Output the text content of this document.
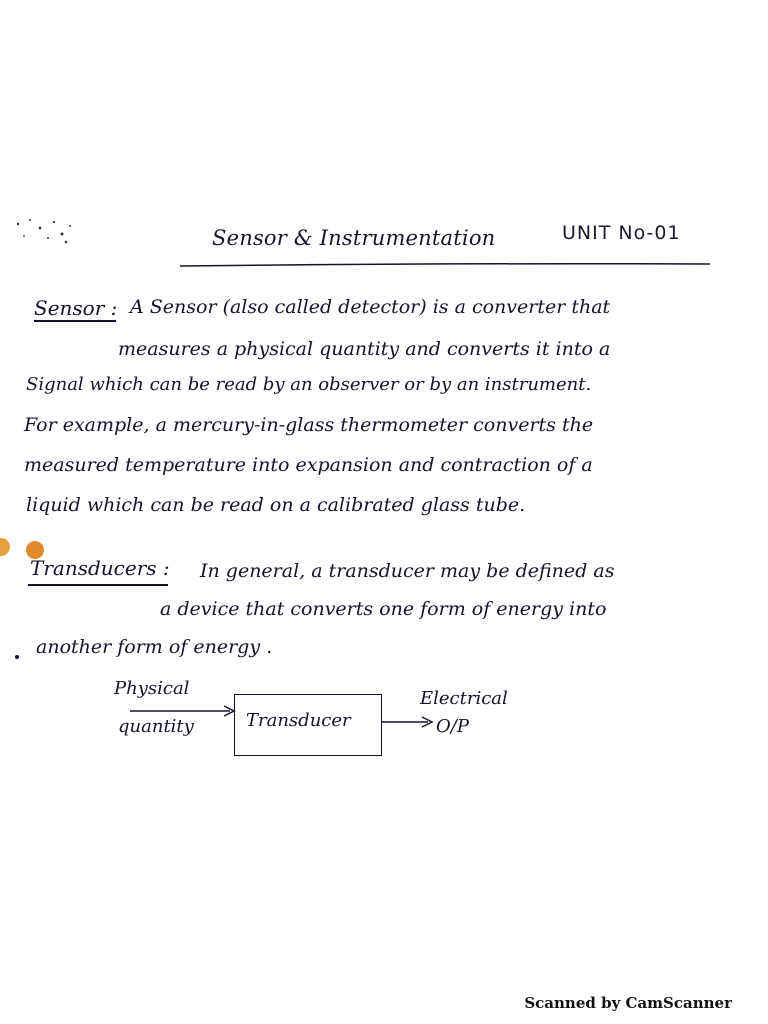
Sensor & Instrumentation	UNIT No-01
Sensor : A Sensor (also called detector) is a converter that
measures a physical quantity and converts it into a
Signal which can be read by an observer or by an instrument.
For example, a mercury-in-glass thermometer converts the
measured temperature into expansion and contraction of a
liquid which can be read on a calibrated glass tube.
Transducers : In general, a transducer may be defined as
a device that converts one form of energy into
another form of energy .
Physical
quantity	Transducer
Electrical
O/P
Scanned by CamScanner
